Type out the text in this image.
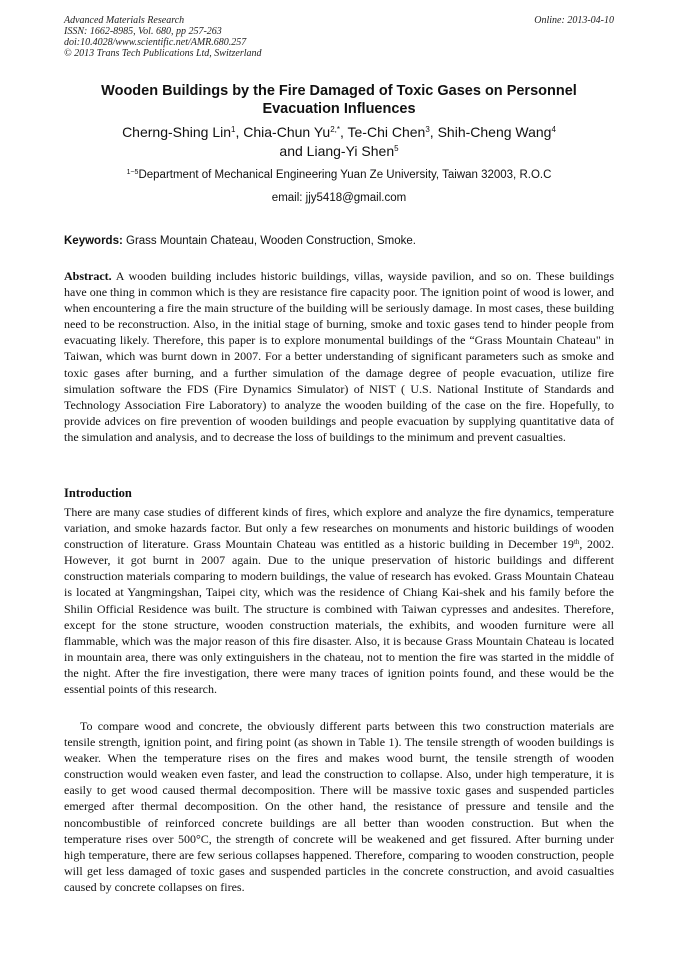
Advanced Materials Research
ISSN: 1662-8985, Vol. 680, pp 257-263
doi:10.4028/www.scientific.net/AMR.680.257
© 2013 Trans Tech Publications Ltd, Switzerland
Online: 2013-04-10
Wooden Buildings by the Fire Damaged of Toxic Gases on Personnel Evacuation Influences
Cherng-Shing Lin$^1$, Chia-Chun $Yu^{2,*}$, Te-Chi Chen$^3$, Shih-Cheng Wang$^4$
and Liang-Yi Shen$^5$
$^{1\sim 5}$Department of Mechanical Engineering Yuan Ze University, Taiwan 32003, R.O.C
email: jjy5418@gmail.com
Keywords: Grass Mountain Chateau, Wooden Construction, Smoke.
Abstract. A wooden building includes historic buildings, villas, wayside pavilion, and so on. These buildings have one thing in common which is they are resistance fire capacity poor. The ignition point of wood is lower, and when encountering a fire the main structure of the building will be seriously damage. In most cases, these building need to be reconstruction. Also, in the initial stage of burning, smoke and toxic gases tend to hinder people from evacuating likely. Therefore, this paper is to explore monumental buildings of the “Grass Mountain Chateau" in Taiwan, which was burnt down in 2007. For a better understanding of significant parameters such as smoke and toxic gases after burning, and a further simulation of the damage degree of people evacuation, utilize fire simulation software the FDS (Fire Dynamics Simulator) of NIST ( U.S. National Institute of Standards and Technology Association Fire Laboratory) to analyze the wooden building of the case on the fire. Hopefully, to provide advices on fire prevention of wooden buildings and people evacuation by supplying quantitative data of the simulation and analysis, and to decrease the loss of buildings to the minimum and prevent casualties.
Introduction
There are many case studies of different kinds of fires, which explore and analyze the fire dynamics, temperature variation, and smoke hazards factor. But only a few researches on monuments and historic buildings of wooden construction of literature. Grass Mountain Chateau was entitled as a historic building in December 19th, 2002. However, it got burnt in 2007 again. Due to the unique preservation of historic buildings and different construction materials comparing to modern buildings, the value of research has evoked. Grass Mountain Chateau is located at Yangmingshan, Taipei city, which was the residence of Chiang Kai-shek and his family before the Shilin Official Residence was built. The structure is combined with Taiwan cypresses and andesites. Therefore, except for the stone structure, wooden construction materials, the exhibits, and wooden furniture were all flammable, which was the major reason of this fire disaster. Also, it is because Grass Mountain Chateau is located in mountain area, there was only extinguishers in the chateau, not to mention the fire was started in the middle of the night. After the fire investigation, there were many traces of ignition points found, and these would be the essential points of this research.
To compare wood and concrete, the obviously different parts between this two construction materials are tensile strength, ignition point, and firing point (as shown in Table 1). The tensile strength of wooden buildings is weaker. When the temperature rises on the fires and makes wood burnt, the tensile strength of wooden construction would weaken even faster, and lead the construction to collapse. Also, under high temperature, it is easily to get wood caused thermal decomposition. There will be massive toxic gases and suspended particles emerged after thermal decomposition. On the other hand, the resistance of pressure and tensile and the noncombustible of reinforced concrete buildings are all better than wooden construction. But when the temperature rises over 500°C, the strength of concrete will be weakened and get fissured. After burning under high temperature, there are few serious collapses happened. Therefore, comparing to wooden construction, people will get less damaged of toxic gases and suspended particles in the concrete construction, and avoid casualties caused by concrete collapses on fires.
